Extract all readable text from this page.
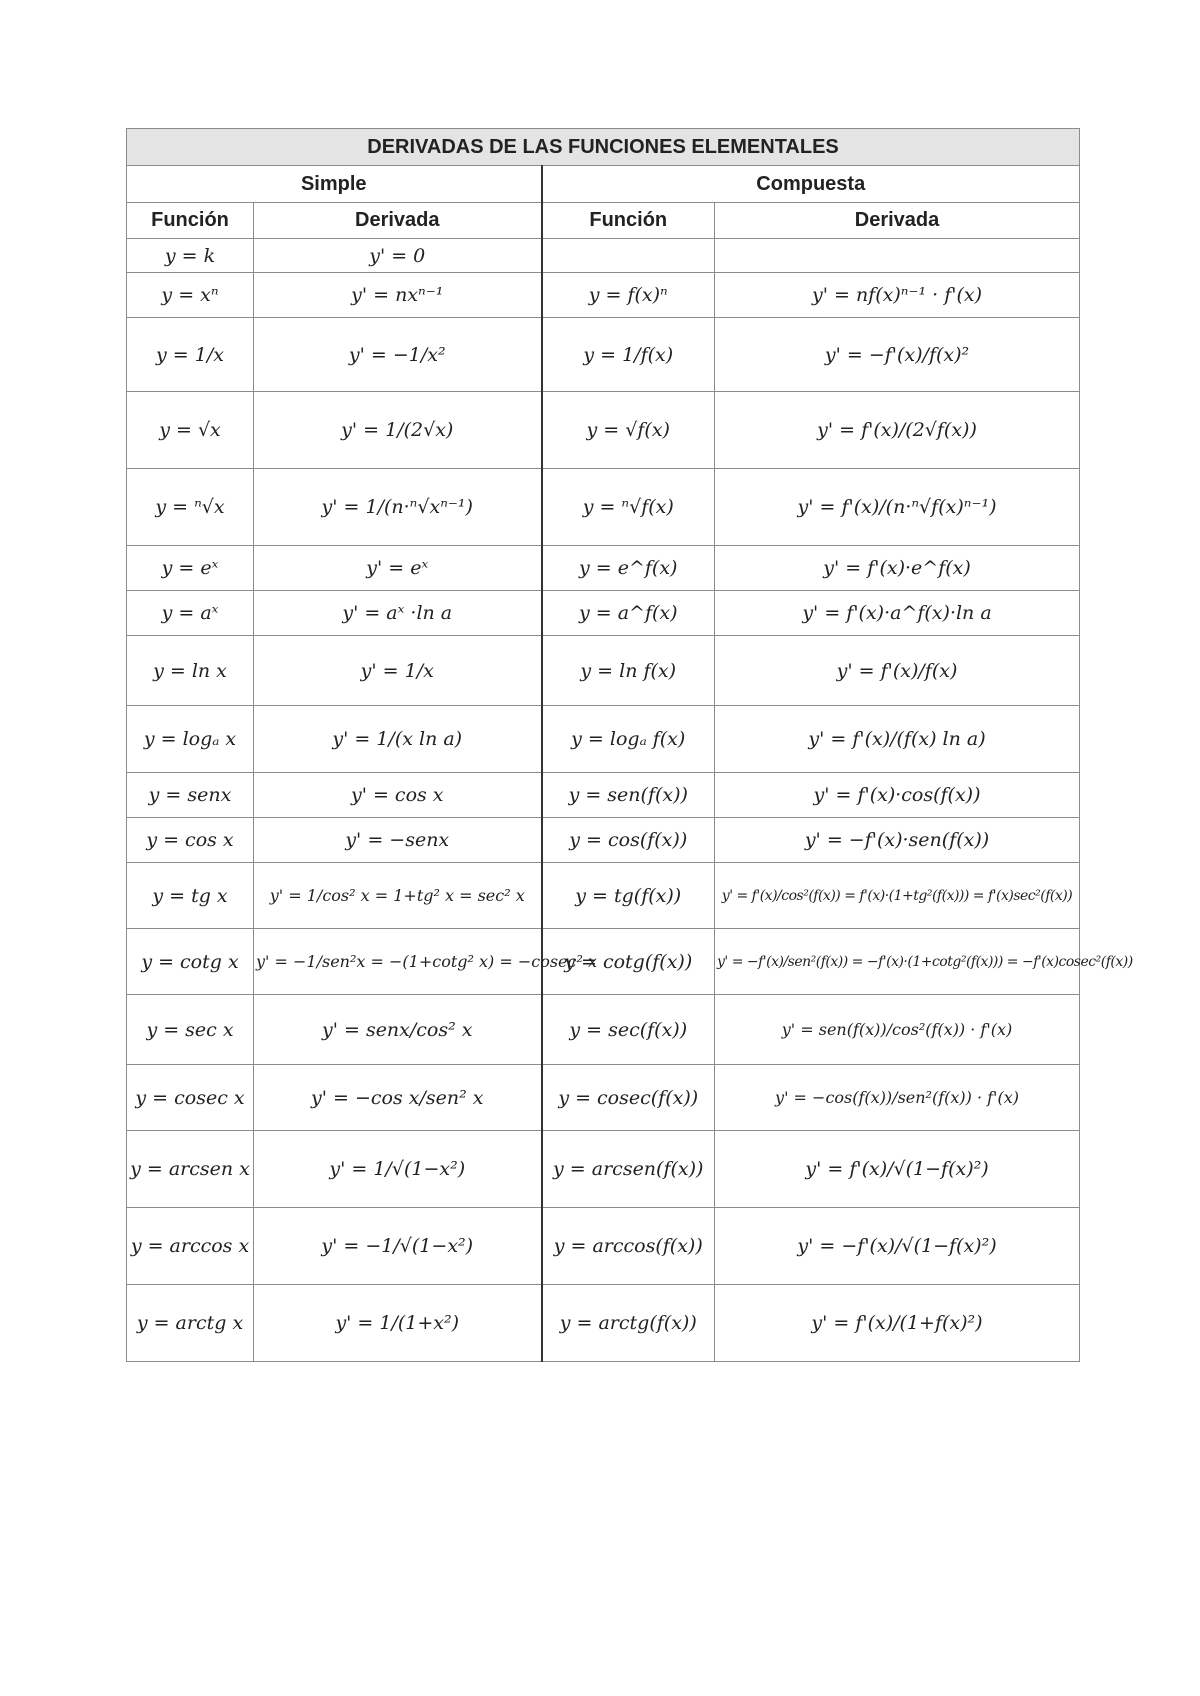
DERIVADAS DE LAS FUNCIONES ELEMENTALES			
Simple		Compuesta	
Función	Derivada	Función	Derivada
y = k	y' = 0		
y = xⁿ	y' = nxⁿ⁻¹	y = f(x)ⁿ	y' = nf(x)ⁿ⁻¹ · f'(x)
y = 1/x	y' = −1/x²	y = 1/f(x)	y' = −f'(x)/f(x)²
y = √x	y' = 1/(2√x)	y = √f(x)	y' = f'(x)/(2√f(x))
y = ⁿ√x	y' = 1/(n·ⁿ√xⁿ⁻¹)	y = ⁿ√f(x)	y' = f'(x)/(n·ⁿ√f(x)ⁿ⁻¹)
y = eˣ	y' = eˣ	y = e^f(x)	y' = f'(x)·e^f(x)
y = aˣ	y' = aˣ ·ln a	y = a^f(x)	y' = f'(x)·a^f(x)·ln a
y = ln x	y' = 1/x	y = ln f(x)	y' = f'(x)/f(x)
y = logₐ x	y' = 1/(x ln a)	y = logₐ f(x)	y' = f'(x)/(f(x) ln a)
y = senx	y' = cos x	y = sen(f(x))	y' = f'(x)·cos(f(x))
y = cos x	y' = −senx	y = cos(f(x))	y' = −f'(x)·sen(f(x))
y = tg x	y' = 1/cos² x = 1+tg² x = sec² x	y = tg(f(x))	y' = f'(x)/cos²(f(x)) = f'(x)·(1+tg²(f(x))) = f'(x)sec²(f(x))
y = cotg x	y' = −1/sen²x = −(1+cotg² x) = −cosec² x	y = cotg(f(x))	y' = −f'(x)/sen²(f(x)) = −f'(x)·(1+cotg²(f(x))) = −f'(x)cosec²(f(x))
y = sec x	y' = senx/cos² x	y = sec(f(x))	y' = sen(f(x))/cos²(f(x)) · f'(x)
y = cosec x	y' = −cos x/sen² x	y = cosec(f(x))	y' = −cos(f(x))/sen²(f(x)) · f'(x)
y = arcsen x	y' = 1/√(1−x²)	y = arcsen(f(x))	y' = f'(x)/√(1−f(x)²)
y = arccos x	y' = −1/√(1−x²)	y = arccos(f(x))	y' = −f'(x)/√(1−f(x)²)
y = arctg x	y' = 1/(1+x²)	y = arctg(f(x))	y' = f'(x)/(1+f(x)²)
